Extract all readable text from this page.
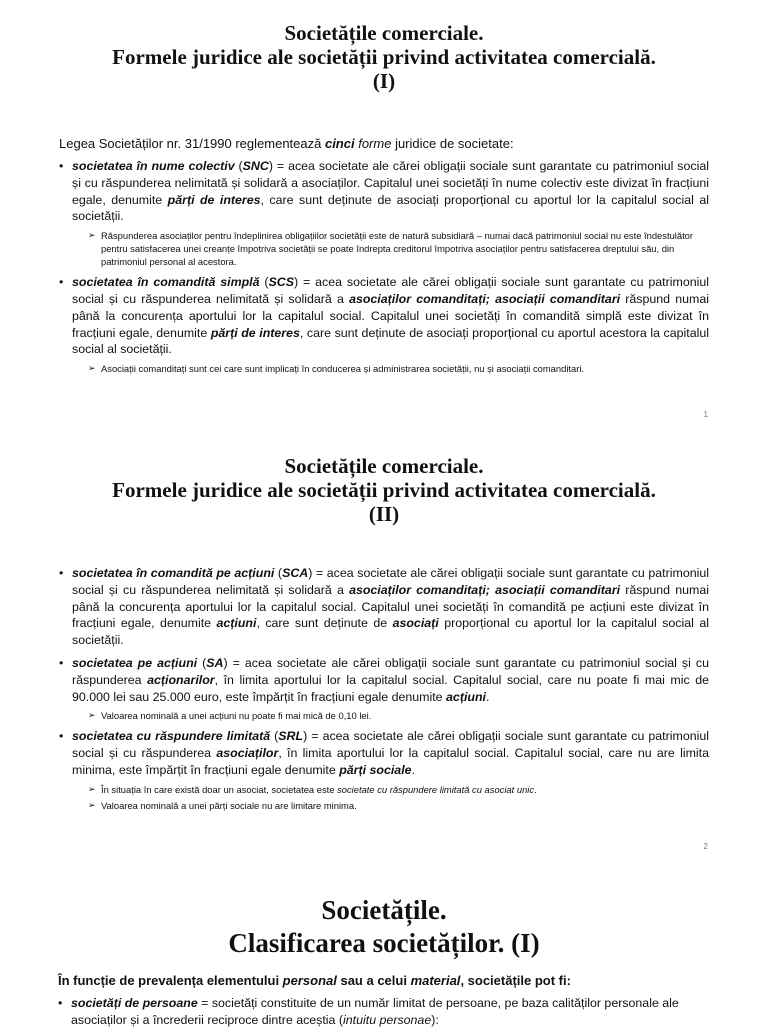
Societățile comerciale.
Formele juridice ale societății privind activitatea comercială.
(I)

Legea Societăților nr. 31/1990 reglementează cinci forme juridice de societate:

• societatea în nume colectiv (SNC) = acea societate ale cărei obligații sociale sunt garantate cu patrimoniul social și cu răspunderea nelimitată și solidară a asociaților. Capitalul unei societăți în nume colectiv este divizat în fracțiuni egale, denumite părți de interes, care sunt deținute de asociați proporțional cu aportul lor la capitalul social al societății.
➢ Răspunderea asociaților pentru îndeplinirea obligațiilor societății este de natură subsidiară – numai dacă patrimoniul social nu este îndestulător pentru satisfacerea unei creanțe împotriva societății se poate îndrepta creditorul împotriva asociaților pentru satisfacerea dreptului său, din patrimoniul personal al acestora.
• societatea în comandită simplă (SCS) = acea societate ale cărei obligații sociale sunt garantate cu patrimoniul social și cu răspunderea nelimitată și solidară a asociaților comanditați; asociații comanditari răspund numai până la concurența aportului lor la capitalul social. Capitalul unei societăți în comandită simplă este divizat în fracțiuni egale, denumite părți de interes, care sunt deținute de asociați proporțional cu aportul acestora la capitalul social al societății.
➢ Asociații comanditați sunt cei care sunt implicați în conducerea și administrarea societății, nu și asociații comanditari.
1
Societățile comerciale.
Formele juridice ale societății privind activitatea comercială.
(II)
• societatea în comandită pe acțiuni (SCA) = acea societate ale cărei obligații sociale sunt garantate cu patrimoniul social și cu răspunderea nelimitată și solidară a asociaților comanditați; asociații comanditari răspund numai până la concurența aportului lor la capitalul social. Capitalul unei societăți în comandită pe acțiuni este divizat în fracțiuni egale, denumite acțiuni, care sunt deținute de asociați proporțional cu aportul lor la capitalul social al societății.
• societatea pe acțiuni (SA) = acea societate ale cărei obligații sociale sunt garantate cu patrimoniul social și cu răspunderea acționarilor, în limita aportului lor la capitalul social. Capitalul social, care nu poate fi mai mic de 90.000 lei sau 25.000 euro, este împărțit în fracțiuni egale denumite acțiuni.
➢ Valoarea nominală a unei acțiuni nu poate fi mai mică de 0,10 lei.
• societatea cu răspundere limitată (SRL) = acea societate ale cărei obligații sociale sunt garantate cu patrimoniul social și cu răspunderea asociaților, în limita aportului lor la capitalul social. Capitalul social, care nu are limita minima, este împărțit în fracțiuni egale denumite părți sociale.
➢ În situația în care există doar un asociat, societatea este societate cu răspundere limitată cu asociat unic.
➢ Valoarea nominală a unei părți sociale nu are limitare minima.
2
Societățile.
Clasificarea societăților. (I)

În funcție de prevalența elementului personal sau a celui material, societățile pot fi:

• societăți de persoane = societăți constituite de un număr limitat de persoane, pe baza calităților personale ale asociaților și a încrederii reciproce dintre aceștia (intuitu personae):
